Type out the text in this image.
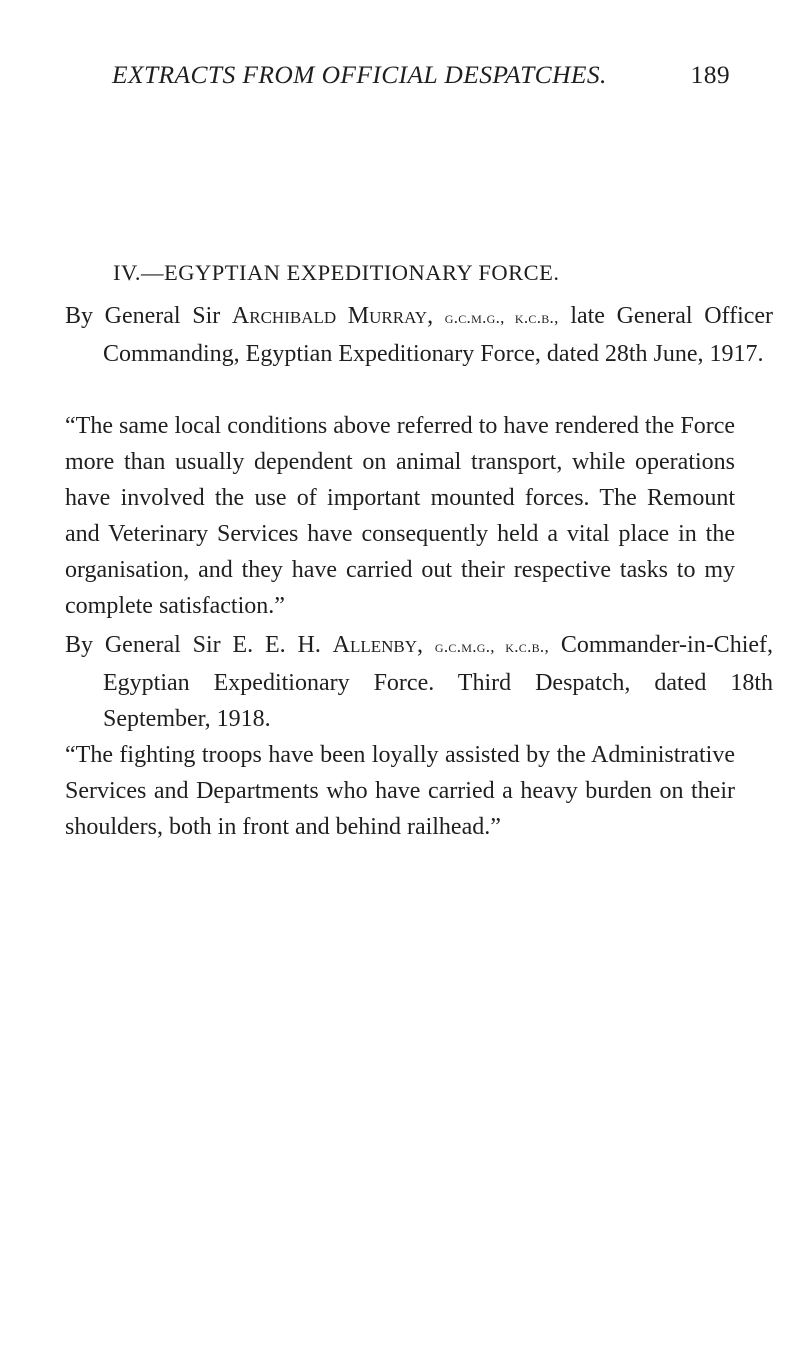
EXTRACTS FROM OFFICIAL DESPATCHES.	189
IV.—EGYPTIAN EXPEDITIONARY FORCE.

By General Sir Archibald Murray, g.c.m.g., k.c.b., late General Officer Commanding, Egyptian Expeditionary Force, dated 28th June, 1917.

“The same local conditions above referred to have rendered the Force more than usually dependent on animal transport, while operations have involved the use of important mounted forces. The Remount and Veterinary Services have consequently held a vital place in the organisation, and they have carried out their respective tasks to my complete satisfaction.”

By General Sir E. E. H. Allenby, g.c.m.g., k.c.b., Commander-in-Chief, Egyptian Expeditionary Force. Third Despatch, dated 18th September, 1918.

“The fighting troops have been loyally assisted by the Administrative Services and Departments who have carried a heavy burden on their shoulders, both in front and behind railhead.”
